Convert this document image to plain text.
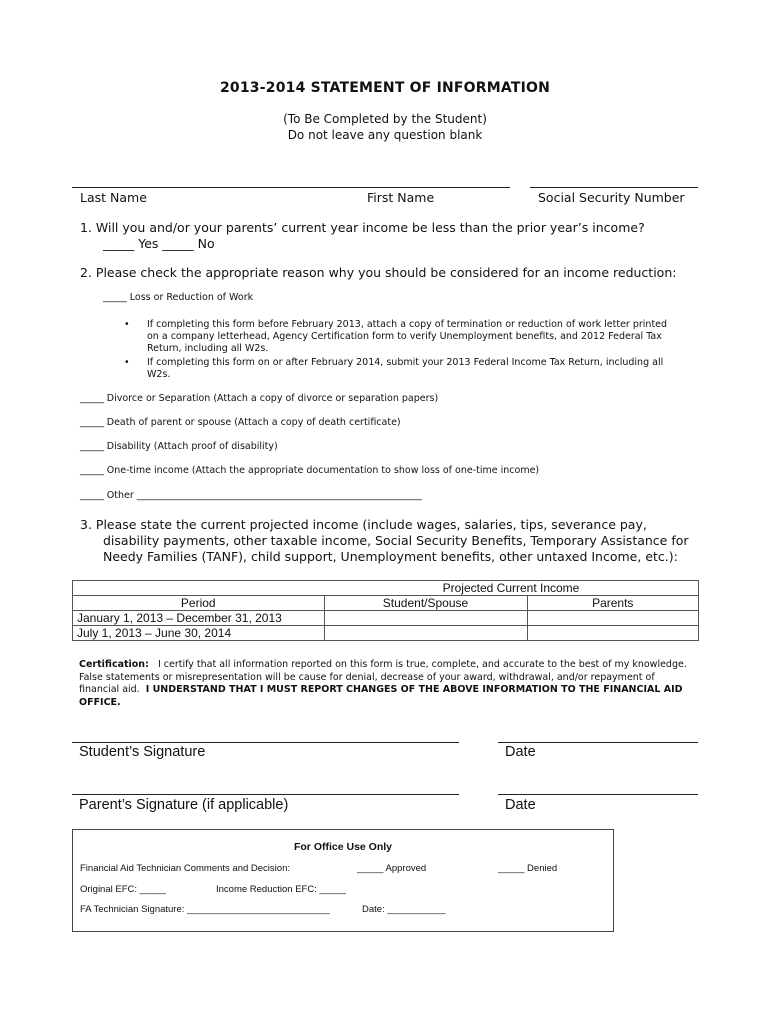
2013-2014 STATEMENT OF INFORMATION
(To Be Completed by the Student)
Do not leave any question blank
Last Name	First Name	Social Security Number
1. Will you and/or your parents’ current year income be less than the prior year’s income?
_____ Yes _____ No
2. Please check the appropriate reason why you should be considered for an income reduction:
_____ Loss or Reduction of Work
• If completing this form before February 2013, attach a copy of termination or reduction of work letter printed
on a company letterhead, Agency Certification form to verify Unemployment benefits, and 2012 Federal Tax
Return, including all W2s.
• If completing this form on or after February 2014, submit your 2013 Federal Income Tax Return, including all
W2s.
_____ Divorce or Separation (Attach a copy of divorce or separation papers)
_____ Death of parent or spouse (Attach a copy of death certificate)
_____ Disability (Attach proof of disability)
_____ One-time income (Attach the appropriate documentation to show loss of one-time income)
_____ Other ____________________________________________________________
3. Please state the current projected income (include wages, salaries, tips, severance pay,
disability payments, other taxable income, Social Security Benefits, Temporary Assistance for
Needy Families (TANF), child support, Unemployment benefits, other untaxed Income, etc.):
	Projected Current Income	
Period	Student/Spouse	Parents
January 1, 2013 – December 31, 2013		
July 1, 2013 – June 30, 2014		
Certification: I certify that all information reported on this form is true, complete, and accurate to the best of my knowledge. False statements or misrepresentation will be cause for denial, decrease of your award, withdrawal, and/or repayment of financial aid. I UNDERSTAND THAT I MUST REPORT CHANGES OF THE ABOVE INFORMATION TO THE FINANCIAL AID OFFICE.
Student’s Signature	Date
Parent’s Signature (if applicable)	Date
For Office Use Only
Financial Aid Technician Comments and Decision:	_____ Approved	_____ Denied
Original EFC: _____	Income Reduction EFC: _____
FA Technician Signature: ___________________________	Date: ___________
